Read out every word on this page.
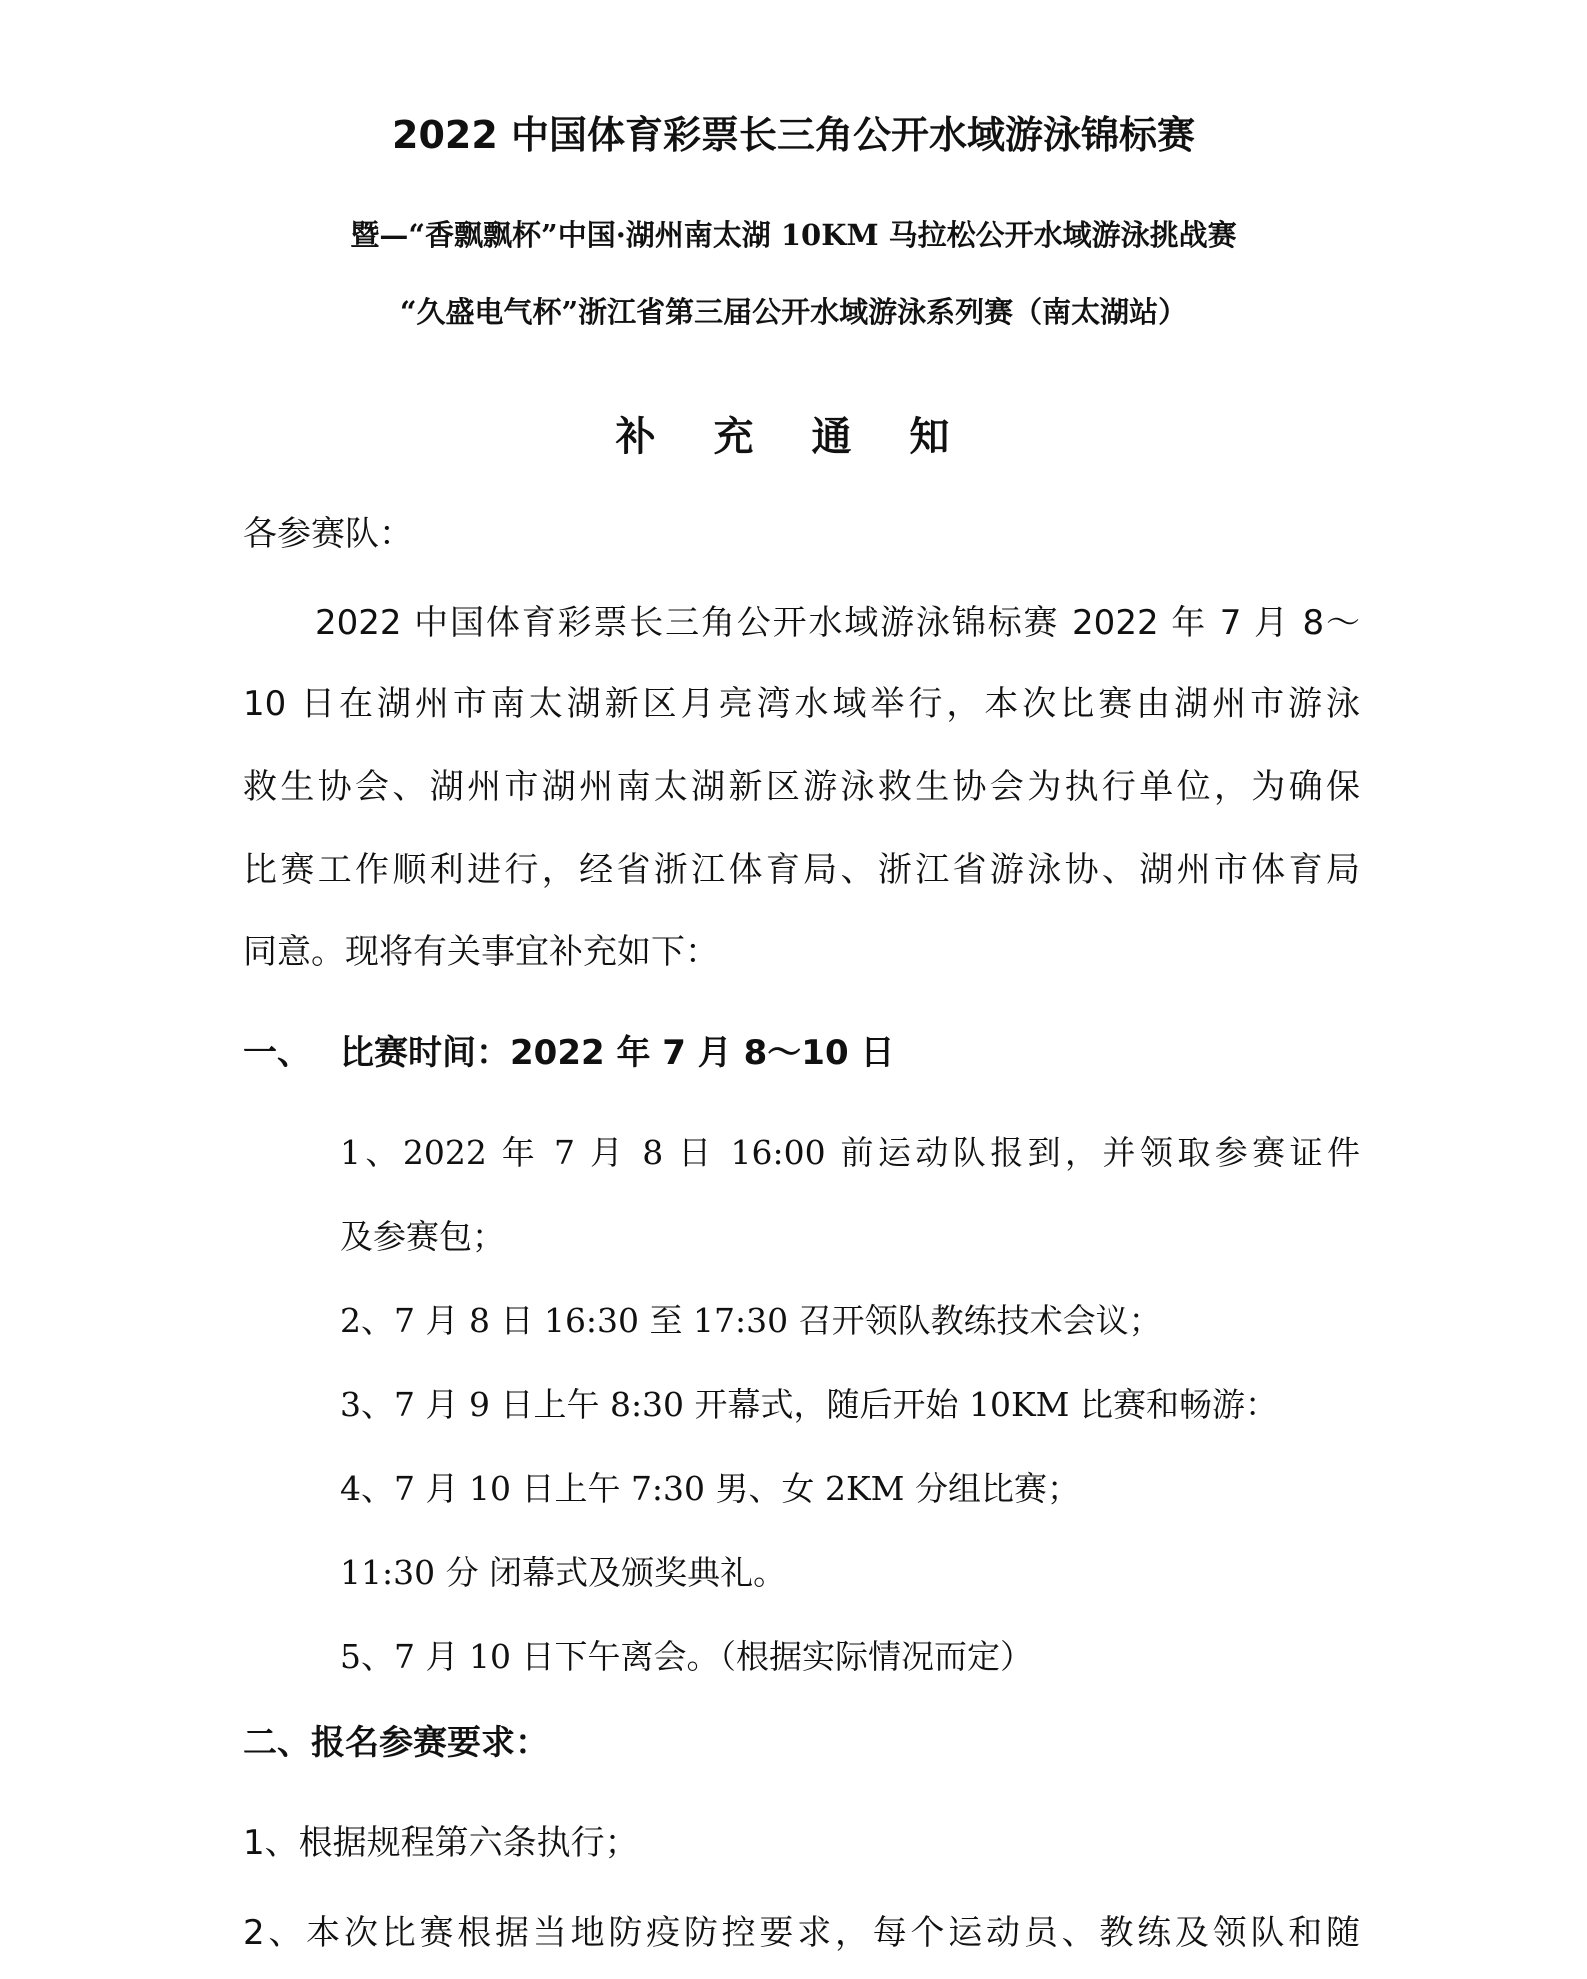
2022 中国体育彩票长三角公开水域游泳锦标赛
暨—“香飘飘杯”中国·湖州南太湖 10KM 马拉松公开水域游泳挑战赛
“久盛电气杯”浙江省第三届公开水域游泳系列赛（南太湖站）
补 充 通 知
各参赛队：
2022 中国体育彩票长三角公开水域游泳锦标赛 2022 年 7 月 8～
10 日在湖州市南太湖新区月亮湾水域举行，本次比赛由湖州市游泳
救生协会、湖州市湖州南太湖新区游泳救生协会为执行单位，为确保
比赛工作顺利进行，经省浙江体育局、浙江省游泳协、湖州市体育局
同意。现将有关事宜补充如下：
一、 比赛时间：2022 年 7 月 8～10 日
1、2022 年 7 月 8 日 16:00 前运动队报到，并领取参赛证件
及参赛包；
2、7 月 8 日 16:30 至 17:30 召开领队教练技术会议；
3、7 月 9 日上午 8:30 开幕式，随后开始 10KM 比赛和畅游：
4、7 月 10 日上午 7:30 男、女 2KM 分组比赛；
11:30 分 闭幕式及颁奖典礼。
5、7 月 10 日下午离会。（根据实际情况而定）
二、报名参赛要求：
1、根据规程第六条执行；
2、本次比赛根据当地防疫防控要求，每个运动员、教练及领队和随
